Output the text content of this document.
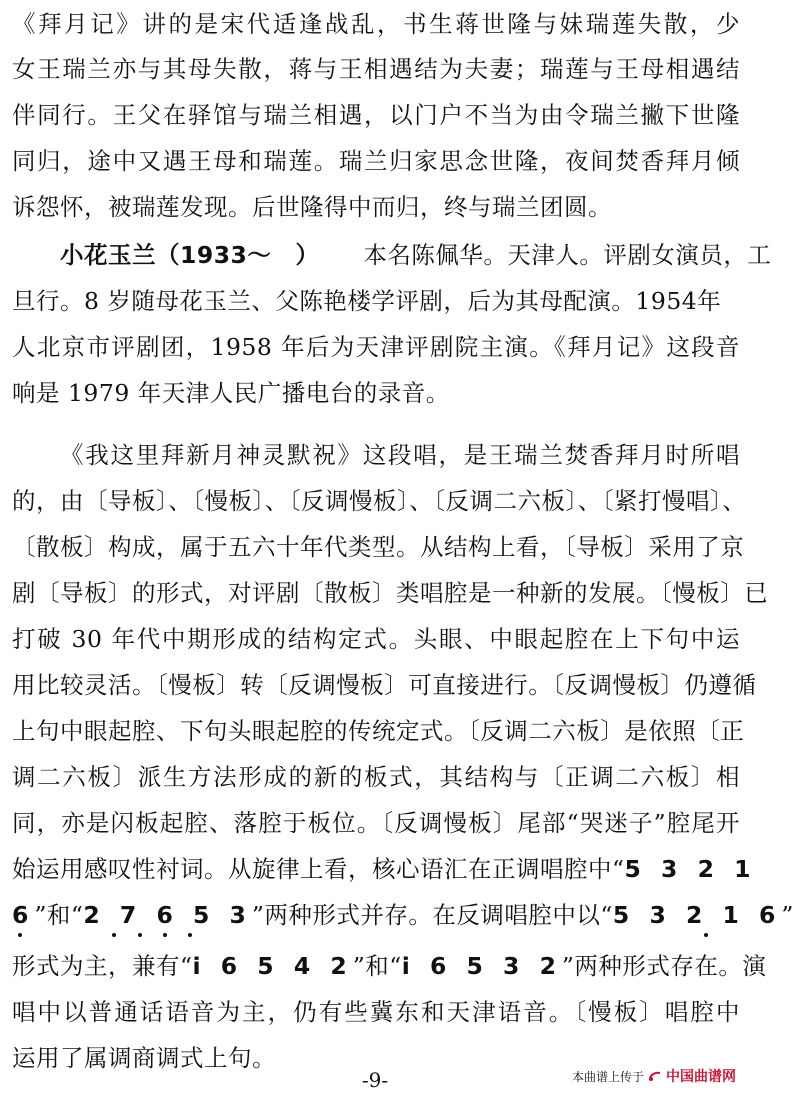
《拜月记》讲的是宋代适逢战乱，书生蒋世隆与妹瑞莲失散，少
女王瑞兰亦与其母失散，蒋与王相遇结为夫妻；瑞莲与王母相遇结
伴同行。王父在驿馆与瑞兰相遇，以门户不当为由令瑞兰撇下世隆
同归，途中又遇王母和瑞莲。瑞兰归家思念世隆，夜间焚香拜月倾
诉怨怀，被瑞莲发现。后世隆得中而归，终与瑞兰团圆。
小花玉兰（1933～　） 本名陈佩华。天津人。评剧女演员，工
旦行。8 岁随母花玉兰、父陈艳楼学评剧，后为其母配演。1954年
人北京市评剧团，1958 年后为天津评剧院主演。《拜月记》这段音
响是 1979 年天津人民广播电台的录音。
《我这里拜新月神灵默祝》这段唱，是王瑞兰焚香拜月时所唱
的，由〔导板〕、〔慢板〕、〔反调慢板〕、〔反调二六板〕、〔紧打慢唱〕、
〔散板〕构成，属于五六十年代类型。从结构上看，〔导板〕采用了京
剧〔导板〕的形式，对评剧〔散板〕类唱腔是一种新的发展。〔慢板〕已
打破 30 年代中期形成的结构定式。头眼、中眼起腔在上下句中运
用比较灵活。〔慢板〕转〔反调慢板〕可直接进行。〔反调慢板〕仍遵循
上句中眼起腔、下句头眼起腔的传统定式。〔反调二六板〕是依照〔正
调二六板〕派生方法形成的新的板式，其结构与〔正调二六板〕相
同，亦是闪板起腔、落腔于板位。〔反调慢板〕尾部“哭迷子”腔尾开
始运用感叹性衬词。从旋律上看，核心语汇在正调唱腔中“5 3 2 1
6”和“2 7 6 5 3”两种形式并存。在反调唱腔中以“5 3 2 1 6”
形式为主，兼有“i 6 5 4 2”和“i 6 5 3 2”两种形式存在。演
唱中以普通话语音为主，仍有些冀东和天津语音。〔慢板〕唱腔中
运用了属调商调式上句。
-9-	本曲谱上传于 中国曲谱网
